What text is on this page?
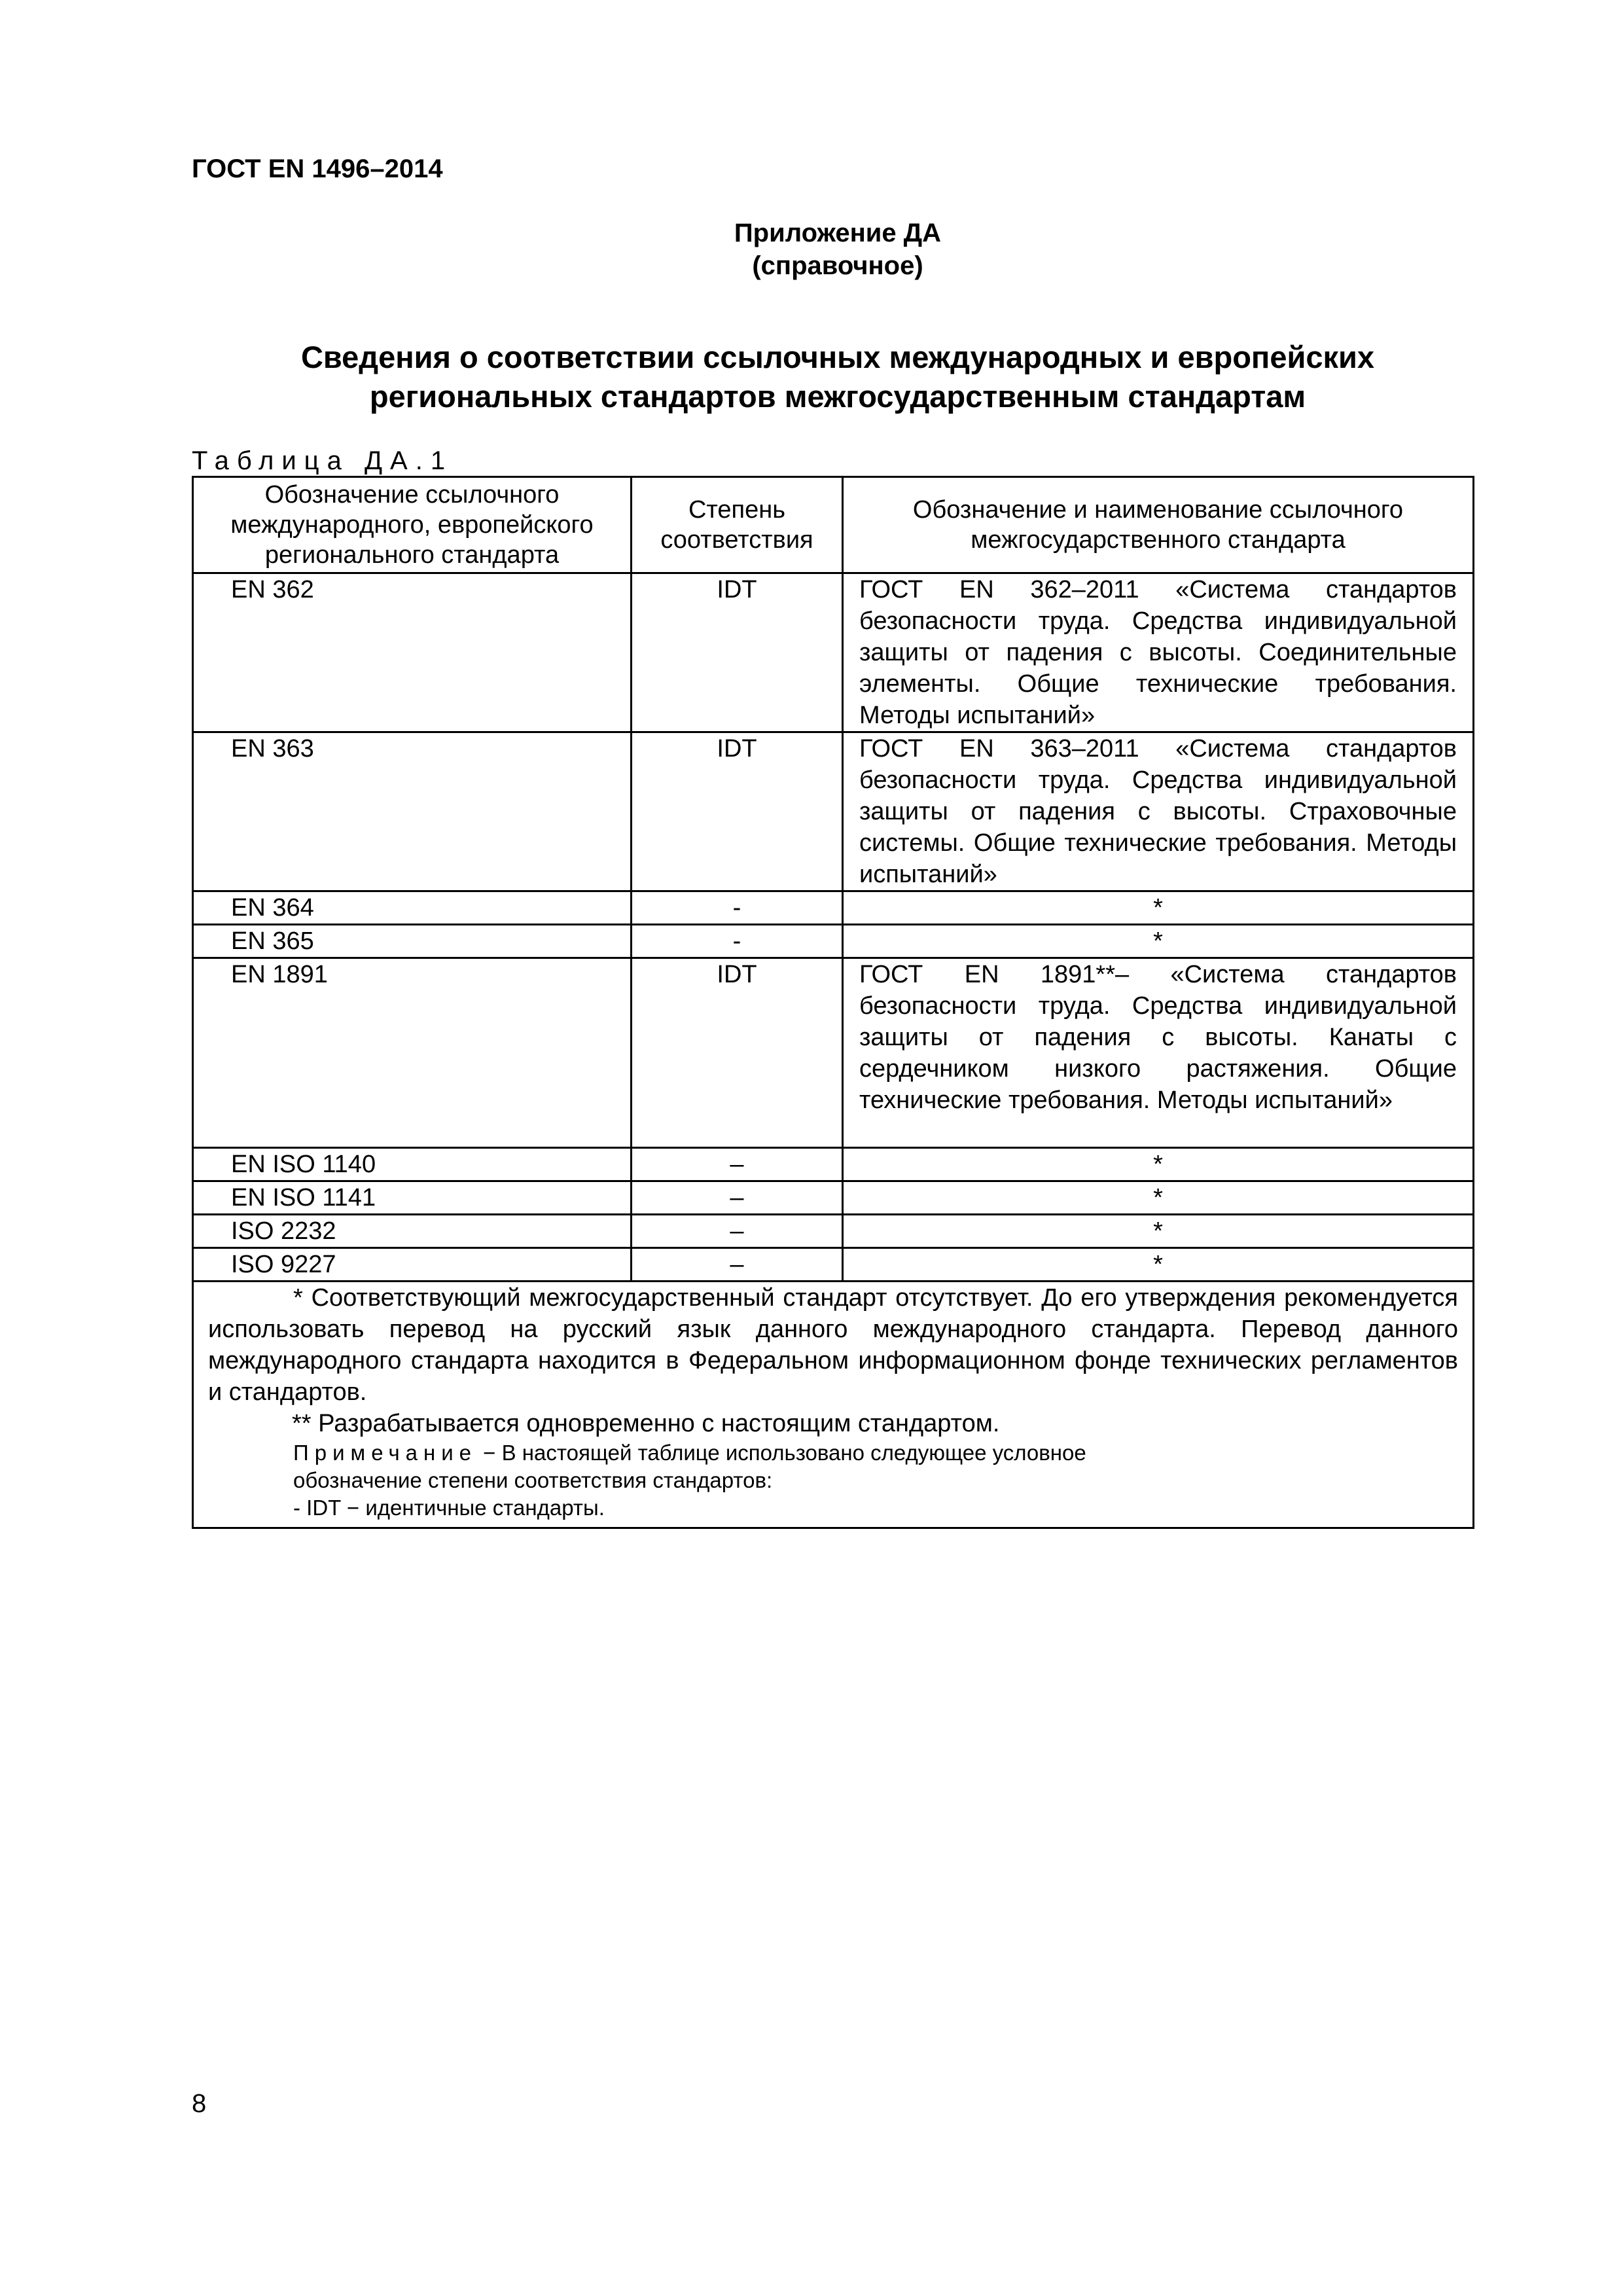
ГОСТ EN 1496–2014
Приложение ДА
(справочное)
Сведения о соответствии ссылочных международных и европейских
региональных стандартов межгосударственным стандартам
Таблица ДА.1
Обозначение ссылочного международного, европейского регионального стандарта	Степень соответствия	Обозначение и наименование ссылочного межгосударственного стандарта
EN 362	IDT	ГОСТ EN 362–2011 «Система стандартов безопасности труда. Средства индивидуальной защиты от падения с высоты. Соединительные элементы. Общие технические требования. Методы испытаний»
EN 363	IDT	ГОСТ EN 363–2011 «Система стандартов безопасности труда. Средства индивидуальной защиты от падения с высоты. Страховочные системы. Общие технические требования. Методы испытаний»
EN 364	-	*
EN 365	-	*
EN 1891	IDT	ГОСТ EN 1891**– «Система стандартов безопасности труда. Средства индивидуальной защиты от падения с высоты. Канаты с сердечником низкого растяжения. Общие технические требования. Методы испытаний»
EN ISO 1140	–	*
EN ISO 1141	–	*
ISO 2232	–	*
ISO 9227	–	*

* Соответствующий межгосударственный стандарт отсутствует. До его утверждения рекомендуется использовать перевод на русский язык данного международного стандарта. Перевод данного международного стандарта находится в Федеральном информационном фонде технических регламентов и стандартов.
** Разрабатывается одновременно с настоящим стандартом.
Примечание − В настоящей таблице использовано следующее условное
обозначение степени соответствия стандартов:
- IDT − идентичные стандарты.		
8
